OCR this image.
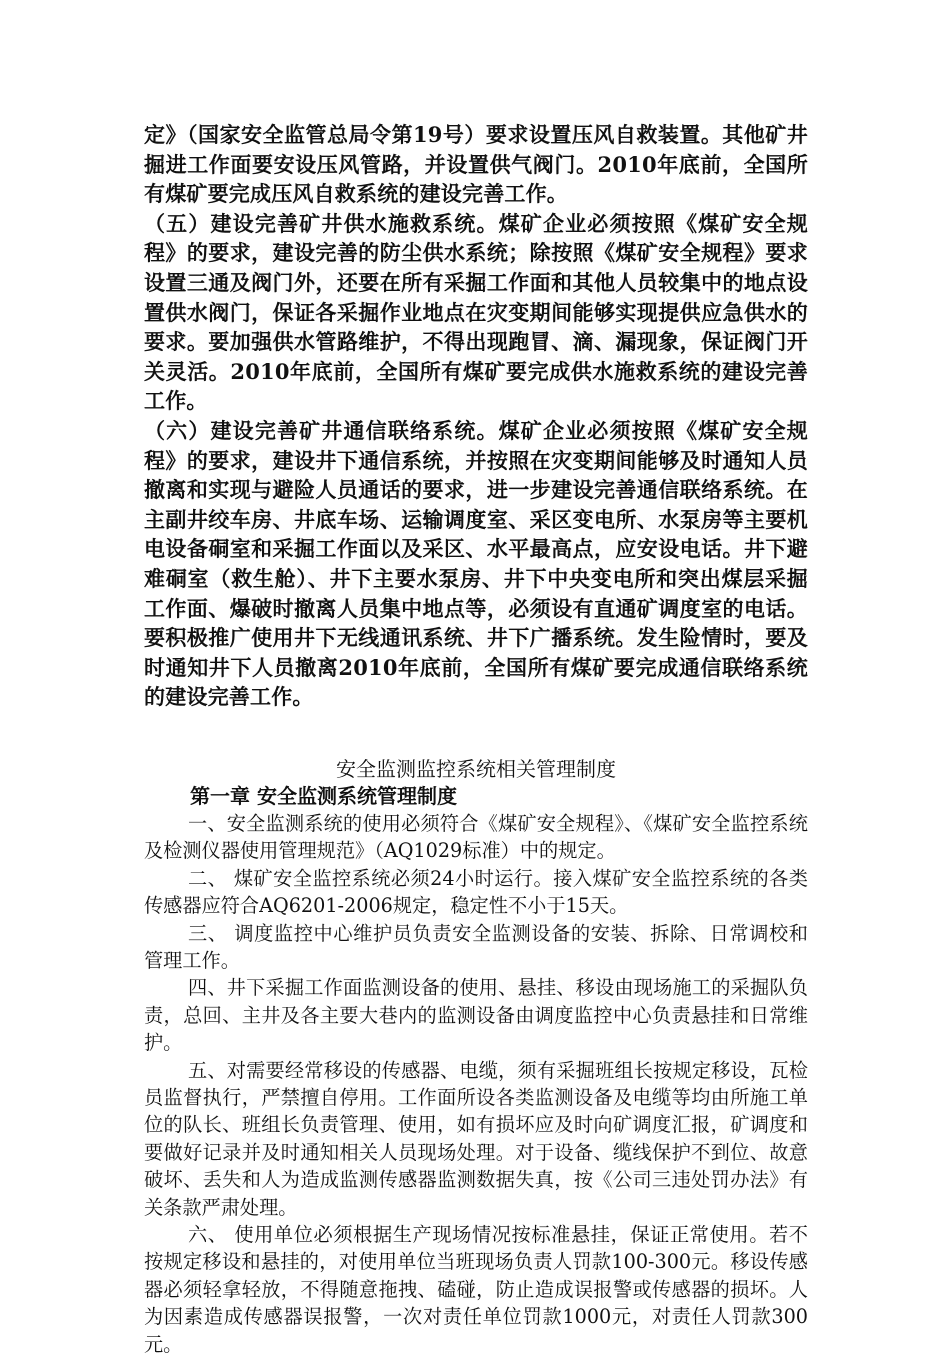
定》（国家安全监管总局令第19号）要求设置压风自救装置。其他矿井掘进工作面要安设压风管路，并设置供气阀门。2010年底前，全国所有煤矿要完成压风自救系统的建设完善工作。

（五）建设完善矿井供水施救系统。煤矿企业必须按照《煤矿安全规程》的要求，建设完善的防尘供水系统；除按照《煤矿安全规程》要求设置三通及阀门外，还要在所有采掘工作面和其他人员较集中的地点设置供水阀门，保证各采掘作业地点在灾变期间能够实现提供应急供水的要求。要加强供水管路维护，不得出现跑冒、滴、漏现象，保证阀门开关灵活。2010年底前，全国所有煤矿要完成供水施救系统的建设完善工作。

（六）建设完善矿井通信联络系统。煤矿企业必须按照《煤矿安全规程》的要求，建设井下通信系统，并按照在灾变期间能够及时通知人员撤离和实现与避险人员通话的要求，进一步建设完善通信联络系统。在主副井绞车房、井底车场、运输调度室、采区变电所、水泵房等主要机电设备硐室和采掘工作面以及采区、水平最高点，应安设电话。井下避难硐室（救生舱）、井下主要水泵房、井下中央变电所和突出煤层采掘工作面、爆破时撤离人员集中地点等，必须设有直通矿调度室的电话。要积极推广使用井下无线通讯系统、井下广播系统。发生险情时，要及时通知井下人员撤离2010年底前，全国所有煤矿要完成通信联络系统的建设完善工作。

安全监测监控系统相关管理制度
第一章 安全监测系统管理制度

一、安全监测系统的使用必须符合《煤矿安全规程》、《煤矿安全监控系统及检测仪器使用管理规范》（AQ1029标准）中的规定。

二、 煤矿安全监控系统必须24小时运行。接入煤矿安全监控系统的各类传感器应符合AQ6201-2006规定，稳定性不小于15天。

三、 调度监控中心维护员负责安全监测设备的安装、拆除、日常调校和管理工作。

四、井下采掘工作面监测设备的使用、悬挂、移设由现场施工的采掘队负责，总回、主井及各主要大巷内的监测设备由调度监控中心负责悬挂和日常维护。

五、对需要经常移设的传感器、电缆，须有采掘班组长按规定移设，瓦检员监督执行，严禁擅自停用。工作面所设各类监测设备及电缆等均由所施工单位的队长、班组长负责管理、使用，如有损坏应及时向矿调度汇报，矿调度和要做好记录并及时通知相关人员现场处理。对于设备、缆线保护不到位、故意破坏、丢失和人为造成监测传感器监测数据失真，按《公司三违处罚办法》有关条款严肃处理。

六、 使用单位必须根据生产现场情况按标准悬挂，保证正常使用。若不按规定移设和悬挂的，对使用单位当班现场负责人罚款100-300元。移设传感器必须轻拿轻放，不得随意拖拽、磕碰，防止造成误报警或传感器的损坏。人为因素造成传感器误报警，一次对责任单位罚款1000元，对责任人罚款300元。
